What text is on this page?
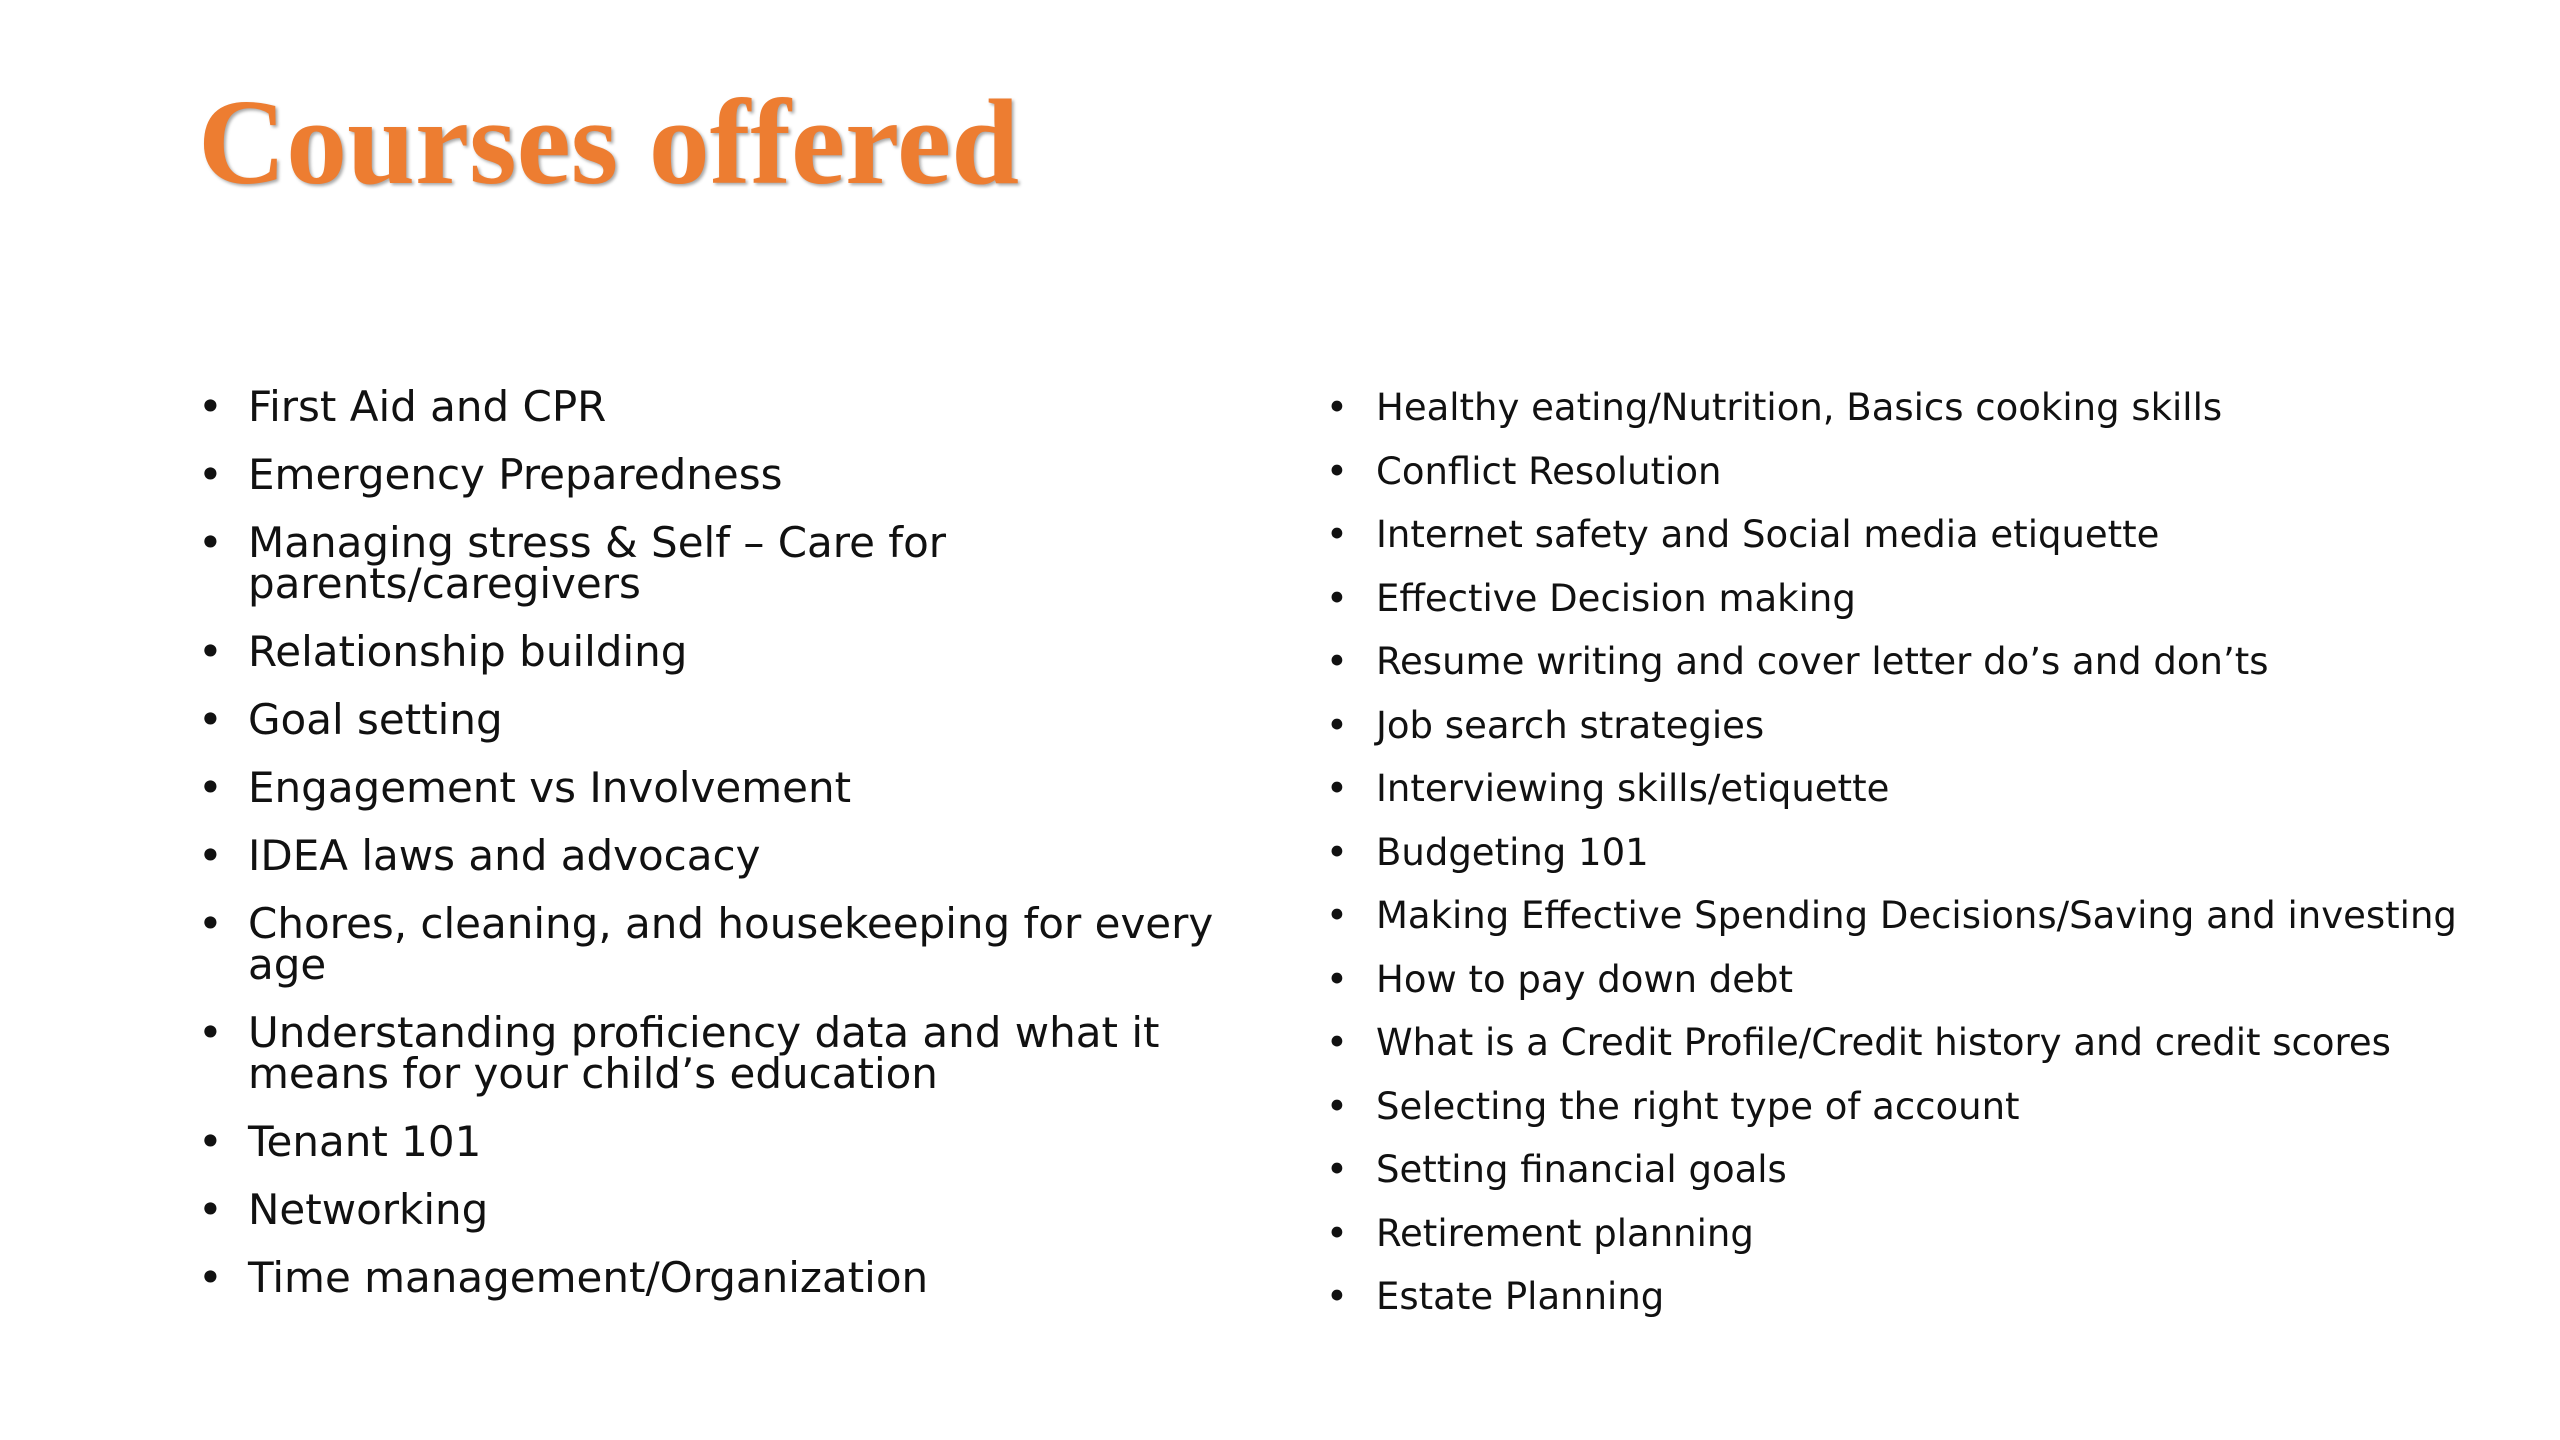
Courses offered
• First Aid and CPR
• Emergency Preparedness
• Managing stress & Self – Care for parents/caregivers
• Relationship building
• Goal setting
• Engagement vs Involvement
• IDEA laws and advocacy
• Chores, cleaning, and housekeeping for every age
• Understanding proficiency data and what it means for your child’s education
• Tenant 101
• Networking
• Time management/Organization
• Healthy eating/Nutrition, Basics cooking skills
• Conflict Resolution
• Internet safety and Social media etiquette
• Effective Decision making
• Resume writing and cover letter do’s and don’ts
• Job search strategies
• Interviewing skills/etiquette
• Budgeting 101
• Making Effective Spending Decisions/Saving and investing
• How to pay down debt
• What is a Credit Profile/Credit history and credit scores
• Selecting the right type of account
• Setting financial goals
• Retirement planning
• Estate Planning
